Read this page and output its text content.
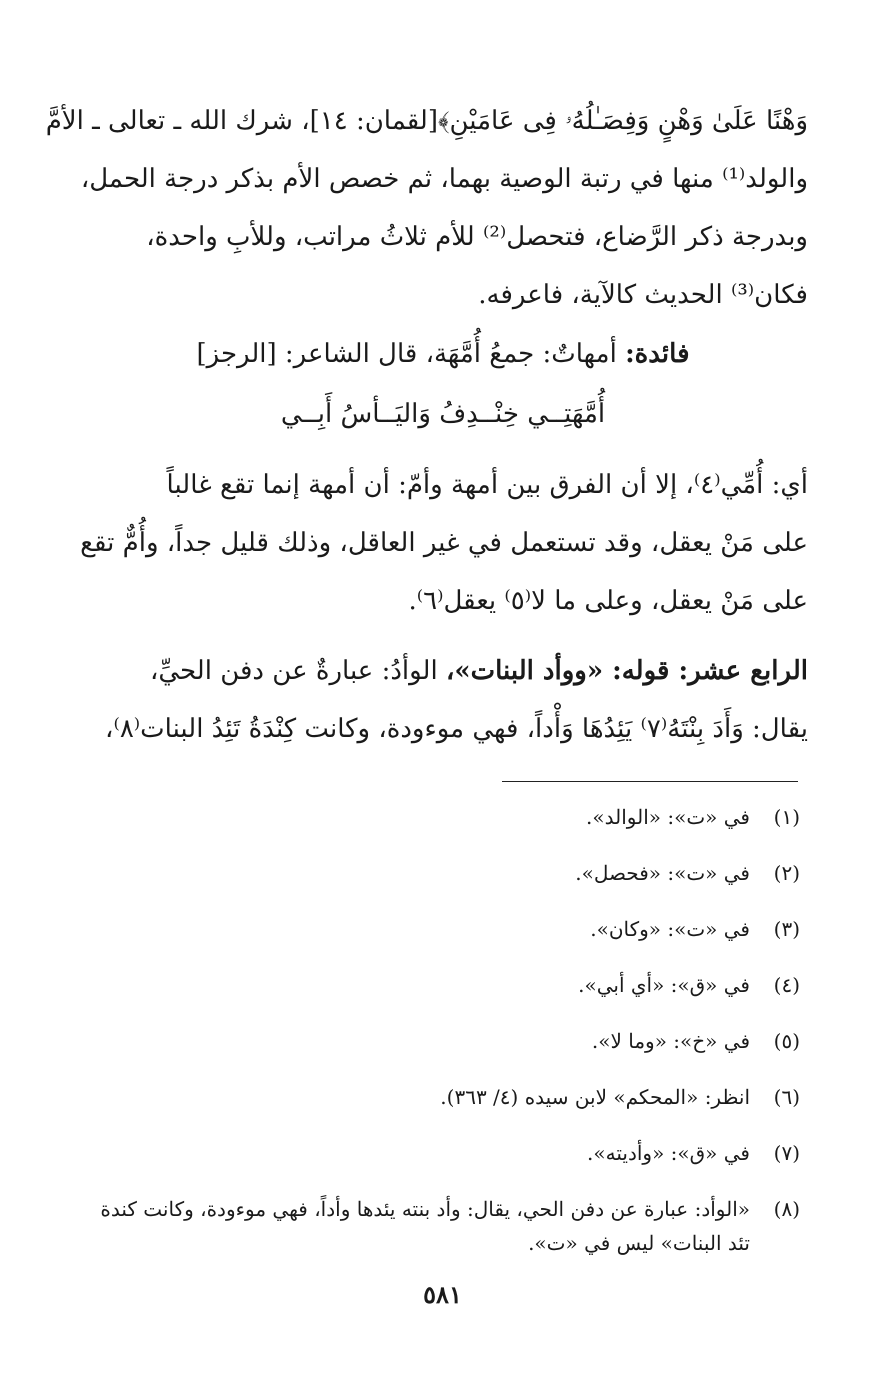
وَهْنًا عَلَىٰ وَهْنٍ وَفِصَـٰلُهُۥ فِى عَامَيْنِ﴾[لقمان: ١٤]، شرك الله ـ تعالى ـ الأمَّ
والولد⁽¹⁾ منها في رتبة الوصية بهما، ثم خصص الأم بذكر درجة الحمل،
وبدرجة ذكر الرَّضاع، فتحصل⁽²⁾ للأم ثلاثُ مراتب، وللأبِ واحدة،
فكان⁽³⁾ الحديث كالآية، فاعرفه.

فائدة: أمهاتٌ: جمعُ أُمَّهَة، قال الشاعر: [الرجز]

أُمَّهَتِــي خِنْــدِفُ وَاليَــأسُ أَبِــي

أي: أُمِّي⁽٤⁾، إلا أن الفرق بين أمهة وأمّ: أن أمهة إنما تقع غالباً
على مَنْ يعقل، وقد تستعمل في غير العاقل، وذلك قليل جداً، وأُمٌّ تقع
على مَنْ يعقل، وعلى ما لا⁽٥⁾ يعقل⁽٦⁾.

الرابع عشر: قوله: «ووأد البنات»، الوأدُ: عبارةٌ عن دفن الحيِّ،
يقال: وَأَدَ بِنْتَهُ⁽٧⁾ يَئِدُهَا وَأْداً، فهي موءودة، وكانت كِنْدَةُ تَئِدُ البنات⁽٨⁾،

(١)
في «ت»: «الوالد».
(٢)
في «ت»: «فحصل».
(٣)
في «ت»: «وكان».
(٤)
في «ق»: «أي أبي».
(٥)
في «خ»: «وما لا».
(٦)
انظر: «المحكم» لابن سيده (٤/ ٣٦٣).
(٧)
في «ق»: «وأديته».
(٨)
«الوأد: عبارة عن دفن الحي، يقال: وأد بنته يئدها وأداً، فهي موءودة، وكانت كندة تئد البنات» ليس في «ت».
٥٨١
